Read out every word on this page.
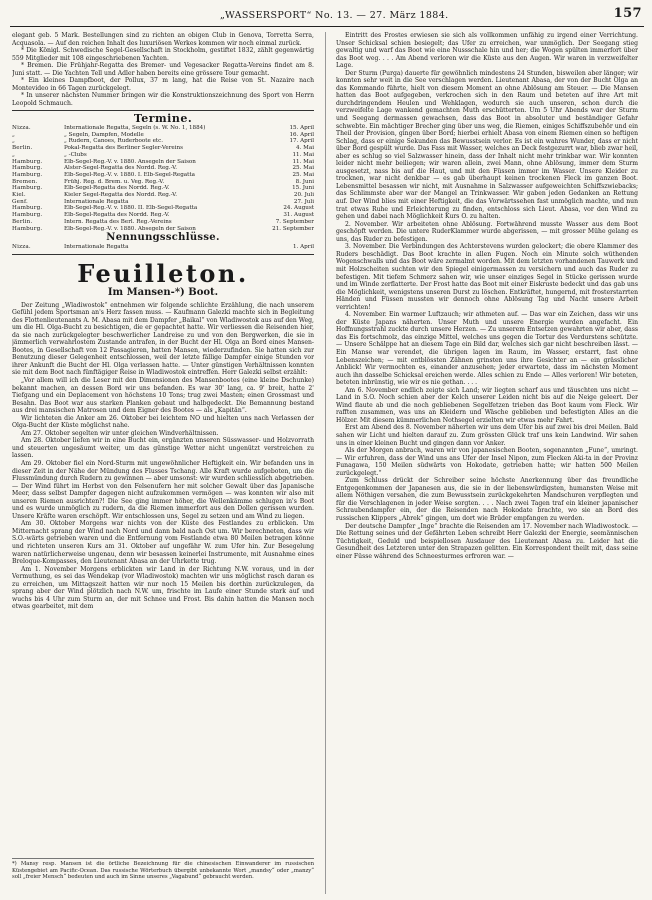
„WASSERSPORT“ No. 13. — 27. März 1884.	157

elegant geb. 5 Mark. Bestellungen sind zu richten an obigen Club in Genova, Torretta Serra, Acquasola. — Auf den reichen Inhalt des luxuriösen Werkes kommen wir noch einmal zurück.

* Die Königl. Schwedische Segel-Gesellschaft in Stockholm, gestiftet 1832, zählt gegenwärtig 559 Mitglieder mit 108 eingeschriebenen Yachten.

* Bremen. Die Frühjahr-Regatta des Bremer- und Vegesacker Regatta-Vereins findet am 8. Juni statt. — Die Yachten Tell und Adler haben bereits eine grössere Tour gemacht.

* Ein kleines Dampfboot, der Pollux, 37 m lang, hat die Reise von St. Nazaire nach Montevideo in 66 Tagen zurückgelegt.

* In unserer nächsten Nummer bringen wir die Konstruktionszeichnung des Sport von Herrn Leopold Schmauch.

Termine.
Nizza.	Internationale Regatta, Segeln (s. W. No. 1, 1884)	15. April
„	„ Segeln, Dampfen, Modelle	16. April
„	„ Rudern, Canoes, Ruderboote etc.	17. April
Berlin.	Pokal-Regatta des Berliner Segler-Vereins	4. Mai
„	„ -Clubs	11. Mai
Hamburg.	Elb-Segel-Reg.-V. v. 1880. Ansegeln der Saison	11. Mai
Hamburg.	Alster-Segel-Regatta des Nordd. Reg.-V.	25. Mai
Hamburg.	Elb-Segel-Reg.-V. v. 1880. I. Elb-Segel-Regatta	25. Mai
Bremen.	Frühj. Reg. d. Brem. u. Veg. Reg.-V.	8. Juni
Hamburg.	Elb-Segel-Regatta des Nordd. Reg.-V.	15. Juni
Kiel.	Kieler Segel-Regatta des Nordd. Reg.-V.	20. Juli
Genf.	Internationale Regatta	27. Juli
Hamburg.	Elb-Segel-Reg.-V. v. 1880. II. Elb-Segel-Regatta	24. August
Hamburg.	Elb-Segel-Regatta des Nordd. Reg.-V.	31. August
Berlin.	Intern. Regatta des Berl. Reg.-Vereins	7. September
Hamburg.	Elb-Segel-Reg.-V. v. 1880. Absegeln der Saison	21. September
Nennungsschlüsse.
Nizza.	Internationale Regatta	1. April
Feuilleton.
Im Mansen-*) Boot.

Der Zeitung „Wladiwostok“ entnehmen wir folgende schlichte Erzählung, die nach unserem Gefühl jedem Sportsman an's Herz fassen muss. — Kaufmann Galezki machte sich in Begleitung des Flottenlieutenants A. M. Abasa mit dem Dampfer „Baikal“ von Wladiwostok aus auf den Weg, um die Hl. Olga-Bucht zu besichtigen, die er gepachtet hatte. Wir verliessen die Reisenden hier, da sie nach zurückgelegter beschwerlicher Landreise zu und von den Bergwerken, die sie in jämmerlich verwahrlostem Zustande antrafen, in der Bucht der Hl. Olga an Bord eines Mansen-Bootes, in Gesellschaft von 12 Passagieren, hatten Mansen, wiederzufinden. Sie hatten sich zur Benutzung dieser Gelegenheit entschlossen, weil der letzte fällige Dampfer einige Stunden vor ihrer Ankunft die Bucht der Hl. Olga verlassen hatte. — Unter günstigen Verhältnissen konnten sie mit dem Boot nach fünftägiger Reise in Wladiwostok eintreffen. Herr Galezki selbst erzählt:

„Vor allem will ich die Leser mit den Dimensionen des Mansenbootes (eine kleine Dschunke) bekannt machen, an dessen Bord wir uns befanden. Es war 30' lang, ca. 9' breit, hatte 2' Tiefgang und ein Deplacement von höchstens 10 Tons; trug zwei Masten; einen Grossmast und Besahn. Das Boot war aus starken Planken gebaut und halbgedeckt. Die Bemannung bestand aus drei mansischen Matrosen und dem Eigner des Bootes — als „Kapitän“.

Wir lichteten die Anker am 26. Oktober bei leichtem NO und hielten uns nach Verlassen der Olga-Bucht der Küste möglichst nahe.

Am 27. Oktober segelten wir unter gleichen Windverhältnissen.

Am 28. Oktober liefen wir in eine Bucht ein, ergänzten unseren Süsswasser- und Holzvorrath und steuerten ungesäumt weiter, um das günstige Wetter nicht ungenützt verstreichen zu lassen.

Am 29. Oktober fiel ein Nord-Sturm mit ungewöhnlicher Heftigkeit ein. Wir befanden uns in dieser Zeit in der Nähe der Mündung des Flusses Tschang. Alle Kraft wurde aufgeboten, um die Flussmündung durch Rudern zu gewinnen — aber umsonst: wir wurden schliesslich abgetrieben. — Der Wind führt im Herbst von den Felsenufern her mit solcher Gewalt über das Japanische Meer, dass selbst Dampfer dagegen nicht aufzukommen vermögen — was konnten wir also mit unseren Riemen ausrichten?! Die See ging immer höher, die Wellenkämme schlugen in's Boot und es wurde unmöglich zu rudern, da die Riemen immerfort aus den Dollen gerissen wurden. Unsere Kräfte waren erschöpft. Wir entschlossen uns, Segel zu setzen und am Wind zu liegen.

Am 30. Oktober Morgens war nichts von der Küste des Festlandes zu erblicken. Um Mitternacht sprang der Wind nach Nord und dann bald nach Ost um. Wir berechneten, dass wir S.O.-wärts getrieben waren und die Entfernung vom Festlande etwa 80 Meilen betragen könne und richteten unseren Kurs am 31. Oktober auf ungefähr W. zum Ufer hin. Zur Besegelung waren natürlicherweise ungenau, denn wir besassen keinerlei Instrumente, mit Ausnahme eines Breloque-Kompasses, den Lieutenant Abasa an der Uhrkette trug.

Am 1. November Morgens erblickten wir Land in der Richtung N.W. voraus, und in der Vermuthung, es sei das Wendekap (vor Wladiwostok) machten wir uns möglichst rasch daran es zu erreichen, um Mittagszeit hatten wir nur noch 15 Meilen bis dorthin zurückzulegen, da sprang aber der Wind plötzlich nach N.W. um, frischte im Laufe einer Stunde stark auf und wuchs bis 4 Uhr zum Sturm an, der mit Schnee und Frost. Bis dahin hatten die Mansen noch etwas gearbeitet, mit dem

*) Mansy resp. Mansen ist die örtliche Bezeichnung für die chinesischen Einwanderer im russischen Küstengebiet am Pacific-Ocean. Das russische Wörterbuch übergibt unbekannte Wort „mandsy“ oder „manzy“ soll „freier Mensch“ bedeuten und auch im Sinne unseres „Vagabund“ gebraucht werden.

Eintritt des Frostes erwiesen sie sich als vollkommen unfähig zu irgend einer Verrichtung. Unser Schicksal schien besiegelt; das Ufer zu erreichen, war unmöglich. Der Seegang stieg gewaltig und warf das Boot wie eine Nussschale hin und her; die Wogen spülten immerfort über das Boot weg. . . . Am Abend verloren wir die Küste aus den Augen. Wir waren in verzweifelter Lage.

Der Sturm (Purga) dauerte für gewöhnlich mindestens 24 Stunden, bisweilen aber länger; wir konnten sehr weit in die See verschlagen werden. Lieutenant Abasa, der von der Bucht Olga an das Kommando führte, hielt von diesem Moment an ohne Ablösung am Steuer. — Die Mansen hatten das Boot aufgegeben, verkrochen sich in den Raum und beteten auf ihre Art mit durchdringendem Heulen und Wehklagen, wodurch sie auch unseren, schon durch die verzweifelte Lage wankend gemachten Muth erschütterten. Um 5 Uhr Abends war der Sturm und Seegang dermassen gewachsen, dass das Boot in absoluter und beständiger Gefahr schwebte. Ein mächtiger Brecher ging über uns weg, die Riemen, einiges Schiffszubehör und ein Theil der Provision, gingen über Bord; hierbei erhielt Abasa von einem Riemen einen so heftigen Schlag, dass er einige Sekunden das Bewusstsein verlor. Es ist ein wahres Wunder, dass er nicht über Bord gespült wurde. Das Fass mit Wasser, welches an Deck festgezurrt war, blieb zwar heil, aber es schlug so viel Salzwasser hinein, dass der Inhalt nicht mehr trinkbar war. Wir konnten leider nicht mehr beiliegen; wir waren allein, zwei Mann, ohne Ablösung, immer dem Sturm ausgesetzt, nass bis auf die Haut, und mit den Füssen immer im Wasser. Unsere Kleider zu trocknen, war nicht denkbar — es gab überhaupt keinen trockenen Fleck im ganzen Boot. Lebensmittel besassen wir nicht, mit Ausnahme in Salzwasser aufgeweichten Schiffszwiebacks; das Schlimmste aber war der Mangel an Trinkwasser. Wir gaben jeden Gedanken an Rettung auf. Der Wind blies mit einer Heftigkeit, die das Vorwärtssehen fast unmöglich machte, und nun trat etwas Ruhe und Erleichterung zu finden, entschloss sich Lieut. Abasa, vor den Wind zu gehen und dabei nach Möglichkeit Kurs O. zu halten.

2. November. Wir arbeiteten ohne Ablösung. Fortwährend musste Wasser aus dem Boot geschöpft werden. Die untere RuderKlammer wurde abgerissen, — mit grosser Mühe gelang es uns, das Ruder zu befestigen.

3. November. Die Verbindungen des Achterstevens wurden gelockert; die obere Klammer des Ruders beschädigt. Das Boot krachte in allen Fugen. Noch ein Minute solch wüthenden Wogenschwalls und das Boot wäre zermalmt worden. Mit dem letzten vorhandenen Tauwerk und mit Holzscheiten suchten wir den Spiegel einigermassen zu versichern und auch das Ruder zu befestigen. Mit tiefem Schmerz sahen wir, wie unser einziges Segel in Stücke gerissen wurde und im Winde zerflatterte. Der Frost hatte das Boot mit einer Eiskruste bedeckt und das gab uns die Möglichkeit, wenigstens unseren Durst zu löschen. Entkräftet, hungernd, mit frosterstarrten Händen und Füssen mussten wir dennoch ohne Ablösung Tag und Nacht unsere Arbeit verrichten!

4. November. Ein warmer Luftzauch; wir athmeten auf. — Das war ein Zeichen, dass wir uns der Küste Japans näherten. Unser Muth und unsere Energie wurden angefacht. Ein Hoffnungsstrahl zuckte durch unsere Herzen. — Zu unserem Entsetzen gewahrten wir aber, dass das Eis fortschmolz, das einzige Mittel, welches uns gegen die Tortur des Verdurstens schützte. — Unsere Schälppe hat an diesem Tage ein Bild dar, welches sich gar nicht beschreiben lässt. — Ein Manse war verendet, die übrigen lagen im Raum, im Wasser, erstarrt, fast ohne Lebenszeichen; — mit entblössten Zähnen grinsten uns ihre Gesichter an — ein grässlicher Anblick! Wir vermochten es, einander anzusehen; jeder erwartete, dass im nächsten Moment auch ihn dasselbe Schicksal ereichen werde. Alles schien zu Ende — Alles verloren! Wir beteten, beteten inbrünstig, wie wir es nie gethan. . . .

Am 6. November endlich zeigte sich Land; wir liegten scharf aus und täuschten uns nicht — Land in S.O. Noch schien aber der Kelch unserer Leiden nicht bis auf die Neige geleert. Der Wind flaute ab und die noch gebliebenen Segelfetzen trieben das Boot kaum vom Fleck. Wir rafften zusammen, was uns an Kleidern und Wäsche geblieben und befestigten Alles an die Hölzer. Mit diesem kümmerlichen Nothsegel erzielten wir etwas mehr Fahrt.

Erst am Abend des 8. November näherten wir uns dem Ufer bis auf zwei bis drei Meilen. Bald sahen wir Licht und hielten darauf zu. Zum grössten Glück traf uns kein Landwind. Wir sahen uns in einer kleinen Bucht und gingen dann vor Anker.

Als der Morgen anbrach, waren wir von japanesischen Booten, sogenannten „Fune“, umringt. — Wir erfuhren, dass der Wind uns ans Ufer der Insel Nipon, zum Flecken Aki-ta in der Provinz Funagawa, 150 Meilen südwärts von Hokodate, getrieben hatte; wir hatten 500 Meilen zurückgelegt.“

Zum Schluss drückt der Schreiber seine höchste Anerkennung über das freundliche Entgegenkommen der Japanesen aus, die sie in der liebenswürdigsten, humansten Weise mit allem Nöthigen versahen, die zum Bewusstsein zurückgekehrten Mandschuren verpflegten und für die Verschlagenen in jeder Weise sorgten. . . . Nach zwei Tagen traf ein kleiner japanischer Schraubendampfer ein, der die Reisenden nach Hokodate brachte, wo sie an Bord des russischen Klippers „Abrek“ gingen, um dort wie Brüder empfangen zu werden.

Der deutsche Dampfer „Inge“ brachte die Reisenden am 17. November nach Wladiwostock. — Die Rettung seines und der Gefährten Leben schreibt Herr Galezki der Energie, seemännischen Tüchtigkeit, Geduld und beispiellosen Ausdauer des Lieutenant Abasa zu. Leider hat die Gesundheit des Letzteren unter den Strapazen gelitten. Ein Korrespondent theilt mit, dass seine einer Füsse während des Schneesturmes erfroren war. —
